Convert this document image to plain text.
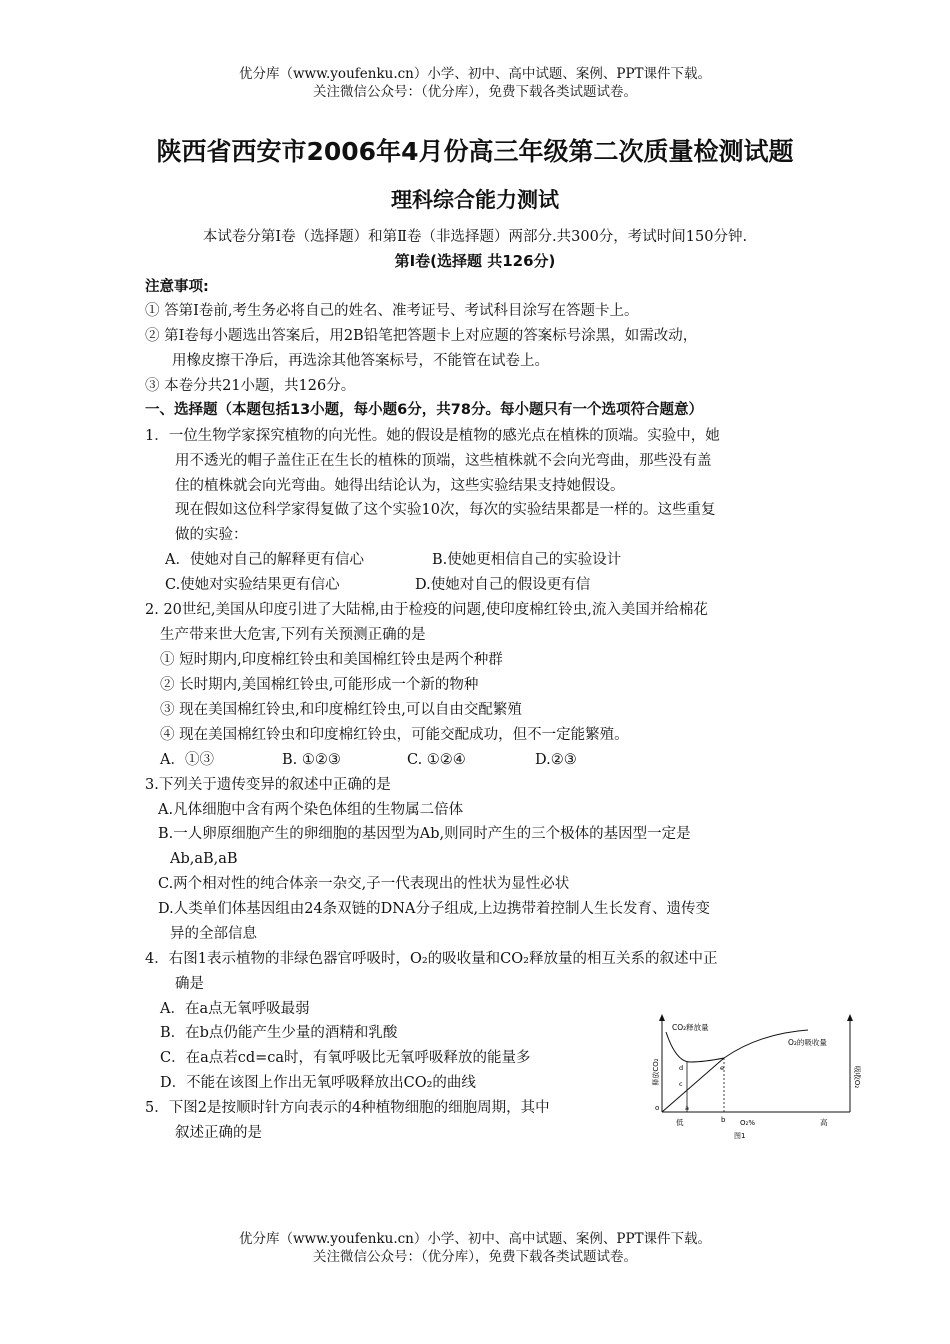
优分库（www.youfenku.cn）小学、初中、高中试题、案例、PPT课件下载。
关注微信公众号：（优分库），免费下载各类试题试卷。
陕西省西安市2006年4月份高三年级第二次质量检测试题
理科综合能力测试
本试卷分第Ⅰ卷（选择题）和第Ⅱ卷（非选择题）两部分.共300分，考试时间150分钟.
第Ⅰ卷(选择题 共126分)
注意事项:
① 答第Ⅰ卷前,考生务必将自己的姓名、准考证号、考试科目涂写在答题卡上。
② 第Ⅰ卷每小题选出答案后，用2B铅笔把答题卡上对应题的答案标号涂黑，如需改动，
用橡皮擦干净后，再选涂其他答案标号，不能管在试卷上。
③ 本卷分共21小题，共126分。
一、选择题（本题包括13小题，每小题6分，共78分。每小题只有一个选项符合题意）
1．一位生物学家探究植物的向光性。她的假设是植物的感光点在植株的顶端。实验中，她
用不透光的帽子盖住正在生长的植株的顶端，这些植株就不会向光弯曲，那些没有盖
住的植株就会向光弯曲。她得出结论认为，这些实验结果支持她假设。
现在假如这位科学家得复做了这个实验10次，每次的实验结果都是一样的。这些重复
做的实验：
A．使她对自己的解释更有信心	B.使她更相信自己的实验设计
C.使她对实验结果更有信心	D.使她对自己的假设更有信
2. 20世纪,美国从印度引进了大陆棉,由于检疫的问题,使印度棉红铃虫,流入美国并给棉花
生产带来世大危害,下列有关预测正确的是
① 短时期内,印度棉红铃虫和美国棉红铃虫是两个种群
② 长时期内,美国棉红铃虫,可能形成一个新的物种
③ 现在美国棉红铃虫,和印度棉红铃虫,可以自由交配繁殖
④ 现在美国棉红铃虫和印度棉红铃虫，可能交配成功，但不一定能繁殖。
A．①③	B. ①②③	C. ①②④	D.②③
3.下列关于遗传变异的叙述中正确的是
A.凡体细胞中含有两个染色体组的生物属二倍体
B.一人卵原细胞产生的卵细胞的基因型为Ab,则同时产生的三个极体的基因型一定是
Ab,aB,aB
C.两个相对性的纯合体亲一杂交,子一代表现出的性状为显性必状
D.人类单们体基因组由24条双链的DNA分子组成,上边携带着控制人生长发育、遗传变
异的全部信息
4．右图1表示植物的非绿色器官呼吸时，O₂的吸收量和CO₂释放量的相互关系的叙述中正
确是
A．在a点无氧呼吸最弱
B．在b点仍能产生少量的酒精和乳酸
C．在a点若cd=ca时，有氧呼吸比无氧呼吸释放的能量多
D．不能在该图上作出无氧呼吸释放出CO₂的曲线
5．下图2是按顺时针方向表示的4种植物细胞的细胞周期，其中
叙述正确的是
CO₂释放量
O₂的吸收量
释放CO₂	吸收O₂
o
d
c
e
a
b
低	O₂%	高
图1
优分库（www.youfenku.cn）小学、初中、高中试题、案例、PPT课件下载。
关注微信公众号：（优分库），免费下载各类试题试卷。
